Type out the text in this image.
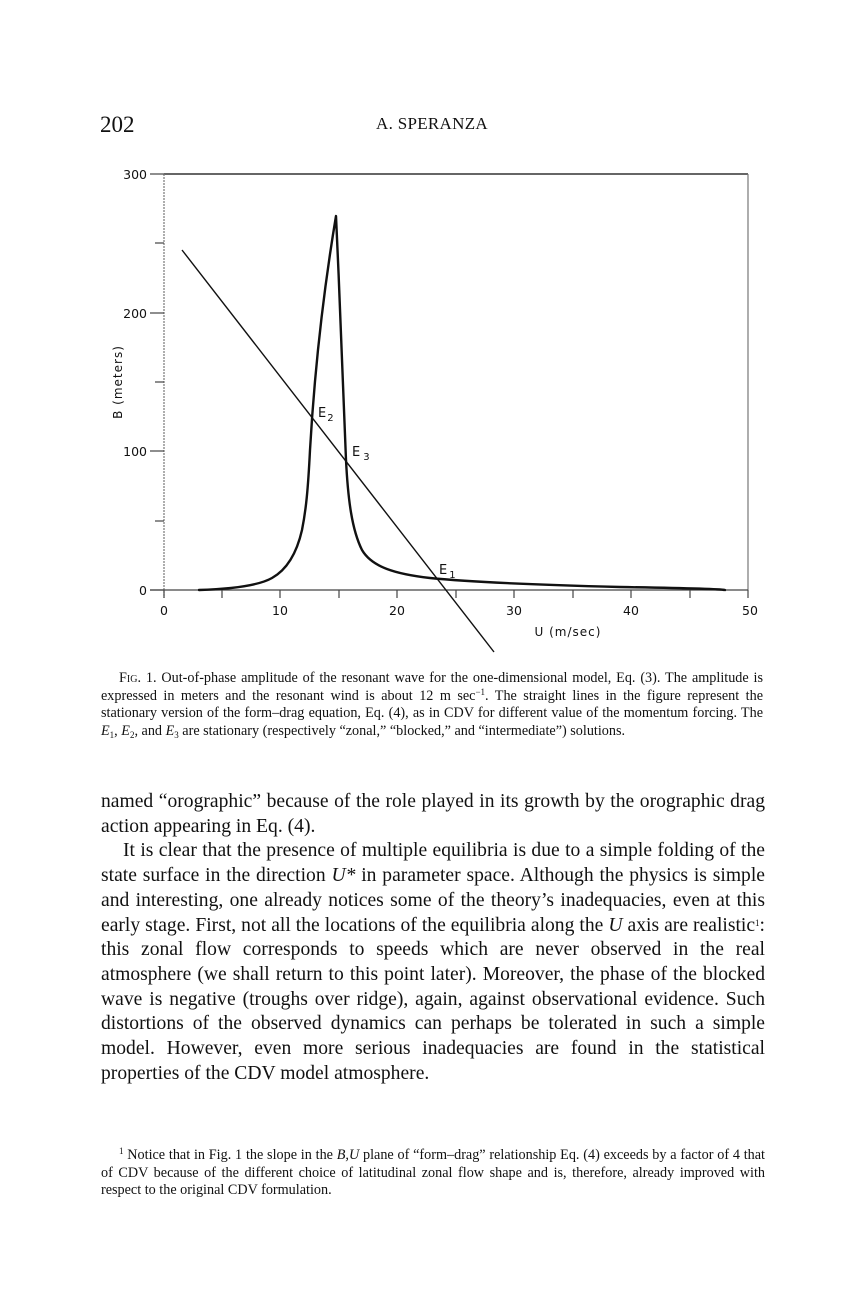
202	A. SPERANZA
300
200
100
0
0	10	20	30	40	50
U (m/sec)
B (meters)	$E_2$
E $_3$
E $_1$
Fig. 1. Out-of-phase amplitude of the resonant wave for the one-dimensional model, Eq. (3). The amplitude is expressed in meters and the resonant wind is about 12 m $\sec^{-1}$. The straight lines in the figure represent the stationary version of the form–drag equation, Eq. (4), as in CDV for different value of the momentum forcing. The $E_1$, $E_2$, and $E_3$ are stationary (respectively “zonal,” “blocked,” and “intermediate”) solutions.

named “orographic” because of the role played in its growth by the orographic drag action appearing in Eq. (4).

It is clear that the presence of multiple equilibria is due to a simple folding of the state surface in the direction U* in parameter space. Although the physics is simple and interesting, one already notices some of the theory’s inadequacies, even at this early stage. First, not all the locations of the equilibria along the U axis are realistic$^1$: this zonal flow corresponds to speeds which are never observed in the real atmosphere (we shall return to this point later). Moreover, the phase of the blocked wave is negative (troughs over ridge), again, against observational evidence. Such distortions of the observed dynamics can perhaps be tolerated in such a simple model. However, even more serious inadequacies are found in the statistical properties of the CDV model atmosphere.

$^1$ Notice that in Fig. 1 the slope in the B,U plane of “form–drag” relationship Eq. (4) exceeds by a factor of 4 that of CDV because of the different choice of latitudinal zonal flow shape and is, therefore, already improved with respect to the original CDV formulation.
